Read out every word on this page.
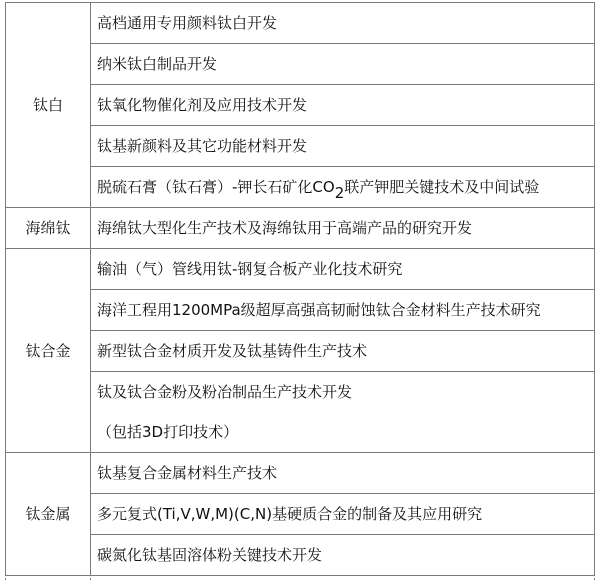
钛白	高档通用专用颜料钛白开发
	纳米钛白制品开发
	钛氧化物催化剂及应用技术开发
	钛基新颜料及其它功能材料开发
	脱硫石膏（钛石膏）-钾长石矿化$CO_2$联产钾肥关键技术及中间试验
海绵钛	海绵钛大型化生产技术及海绵钛用于高端产品的研究开发
钛合金	输油（气）管线用钛-钢复合板产业化技术研究
	海洋工程用1200MPa级超厚高强高韧耐蚀钛合金材料生产技术研究
	新型钛合金材质开发及钛基铸件生产技术
	钛及钛合金粉及粉冶制品生产技术开发
	（包括3D打印技术）
钛金属	钛基复合金属材料生产技术
	多元复式(Ti,V,W,M)(C,N)基硬质合金的制备及其应用研究
	碳氮化钛基固溶体粉关键技术开发
